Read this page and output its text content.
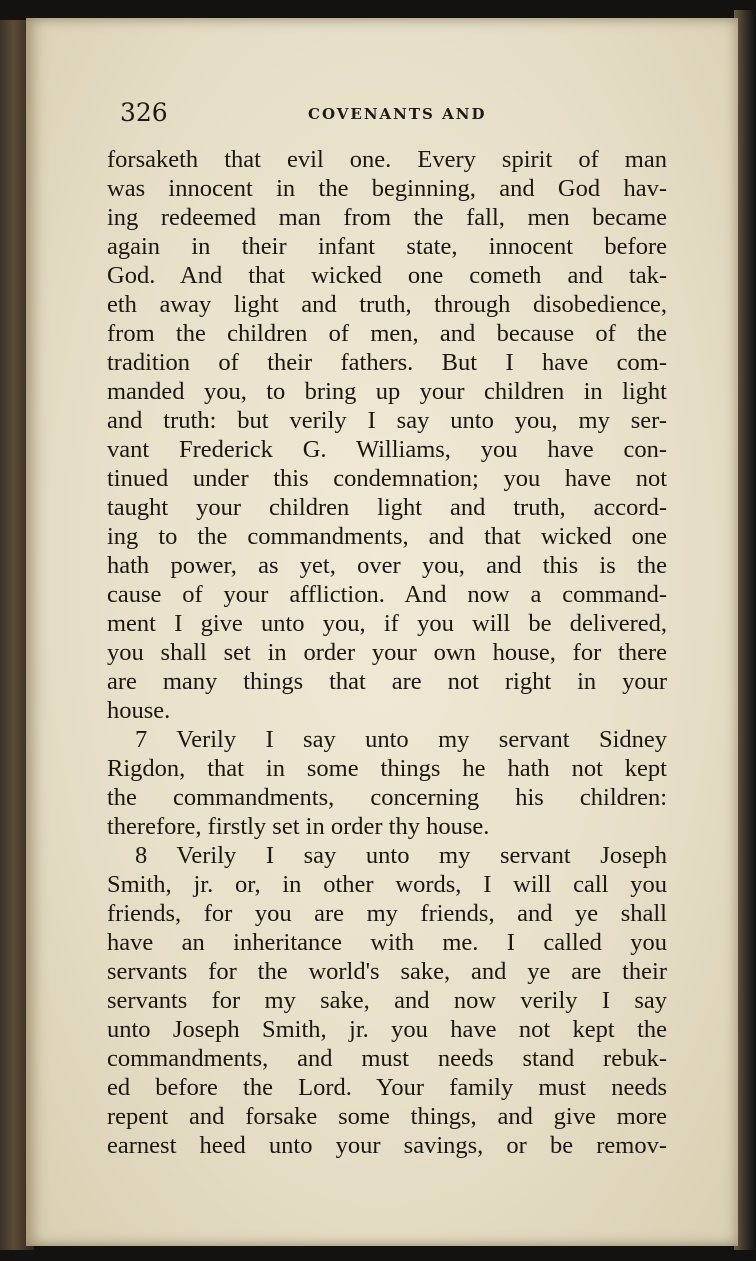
326	COVENANTS AND
forsaketh that evil one. Every spirit of man
was innocent in the beginning, and God hav-
ing redeemed man from the fall, men became
again in their infant state, innocent before
God. And that wicked one cometh and tak-
eth away light and truth, through disobedience,
from the children of men, and because of the
tradition of their fathers. But I have com-
manded you, to bring up your children in light
and truth: but verily I say unto you, my ser-
vant Frederick G. Williams, you have con-
tinued under this condemnation; you have not
taught your children light and truth, accord-
ing to the commandments, and that wicked one
hath power, as yet, over you, and this is the
cause of your affliction. And now a command-
ment I give unto you, if you will be delivered,
you shall set in order your own house, for there
are many things that are not right in your
house.
7 Verily I say unto my servant Sidney
Rigdon, that in some things he hath not kept
the commandments, concerning his children:
therefore, firstly set in order thy house.
8 Verily I say unto my servant Joseph
Smith, jr. or, in other words, I will call you
friends, for you are my friends, and ye shall
have an inheritance with me. I called you
servants for the world's sake, and ye are their
servants for my sake, and now verily I say
unto Joseph Smith, jr. you have not kept the
commandments, and must needs stand rebuk-
ed before the Lord. Your family must needs
repent and forsake some things, and give more
earnest heed unto your savings, or be remov-
